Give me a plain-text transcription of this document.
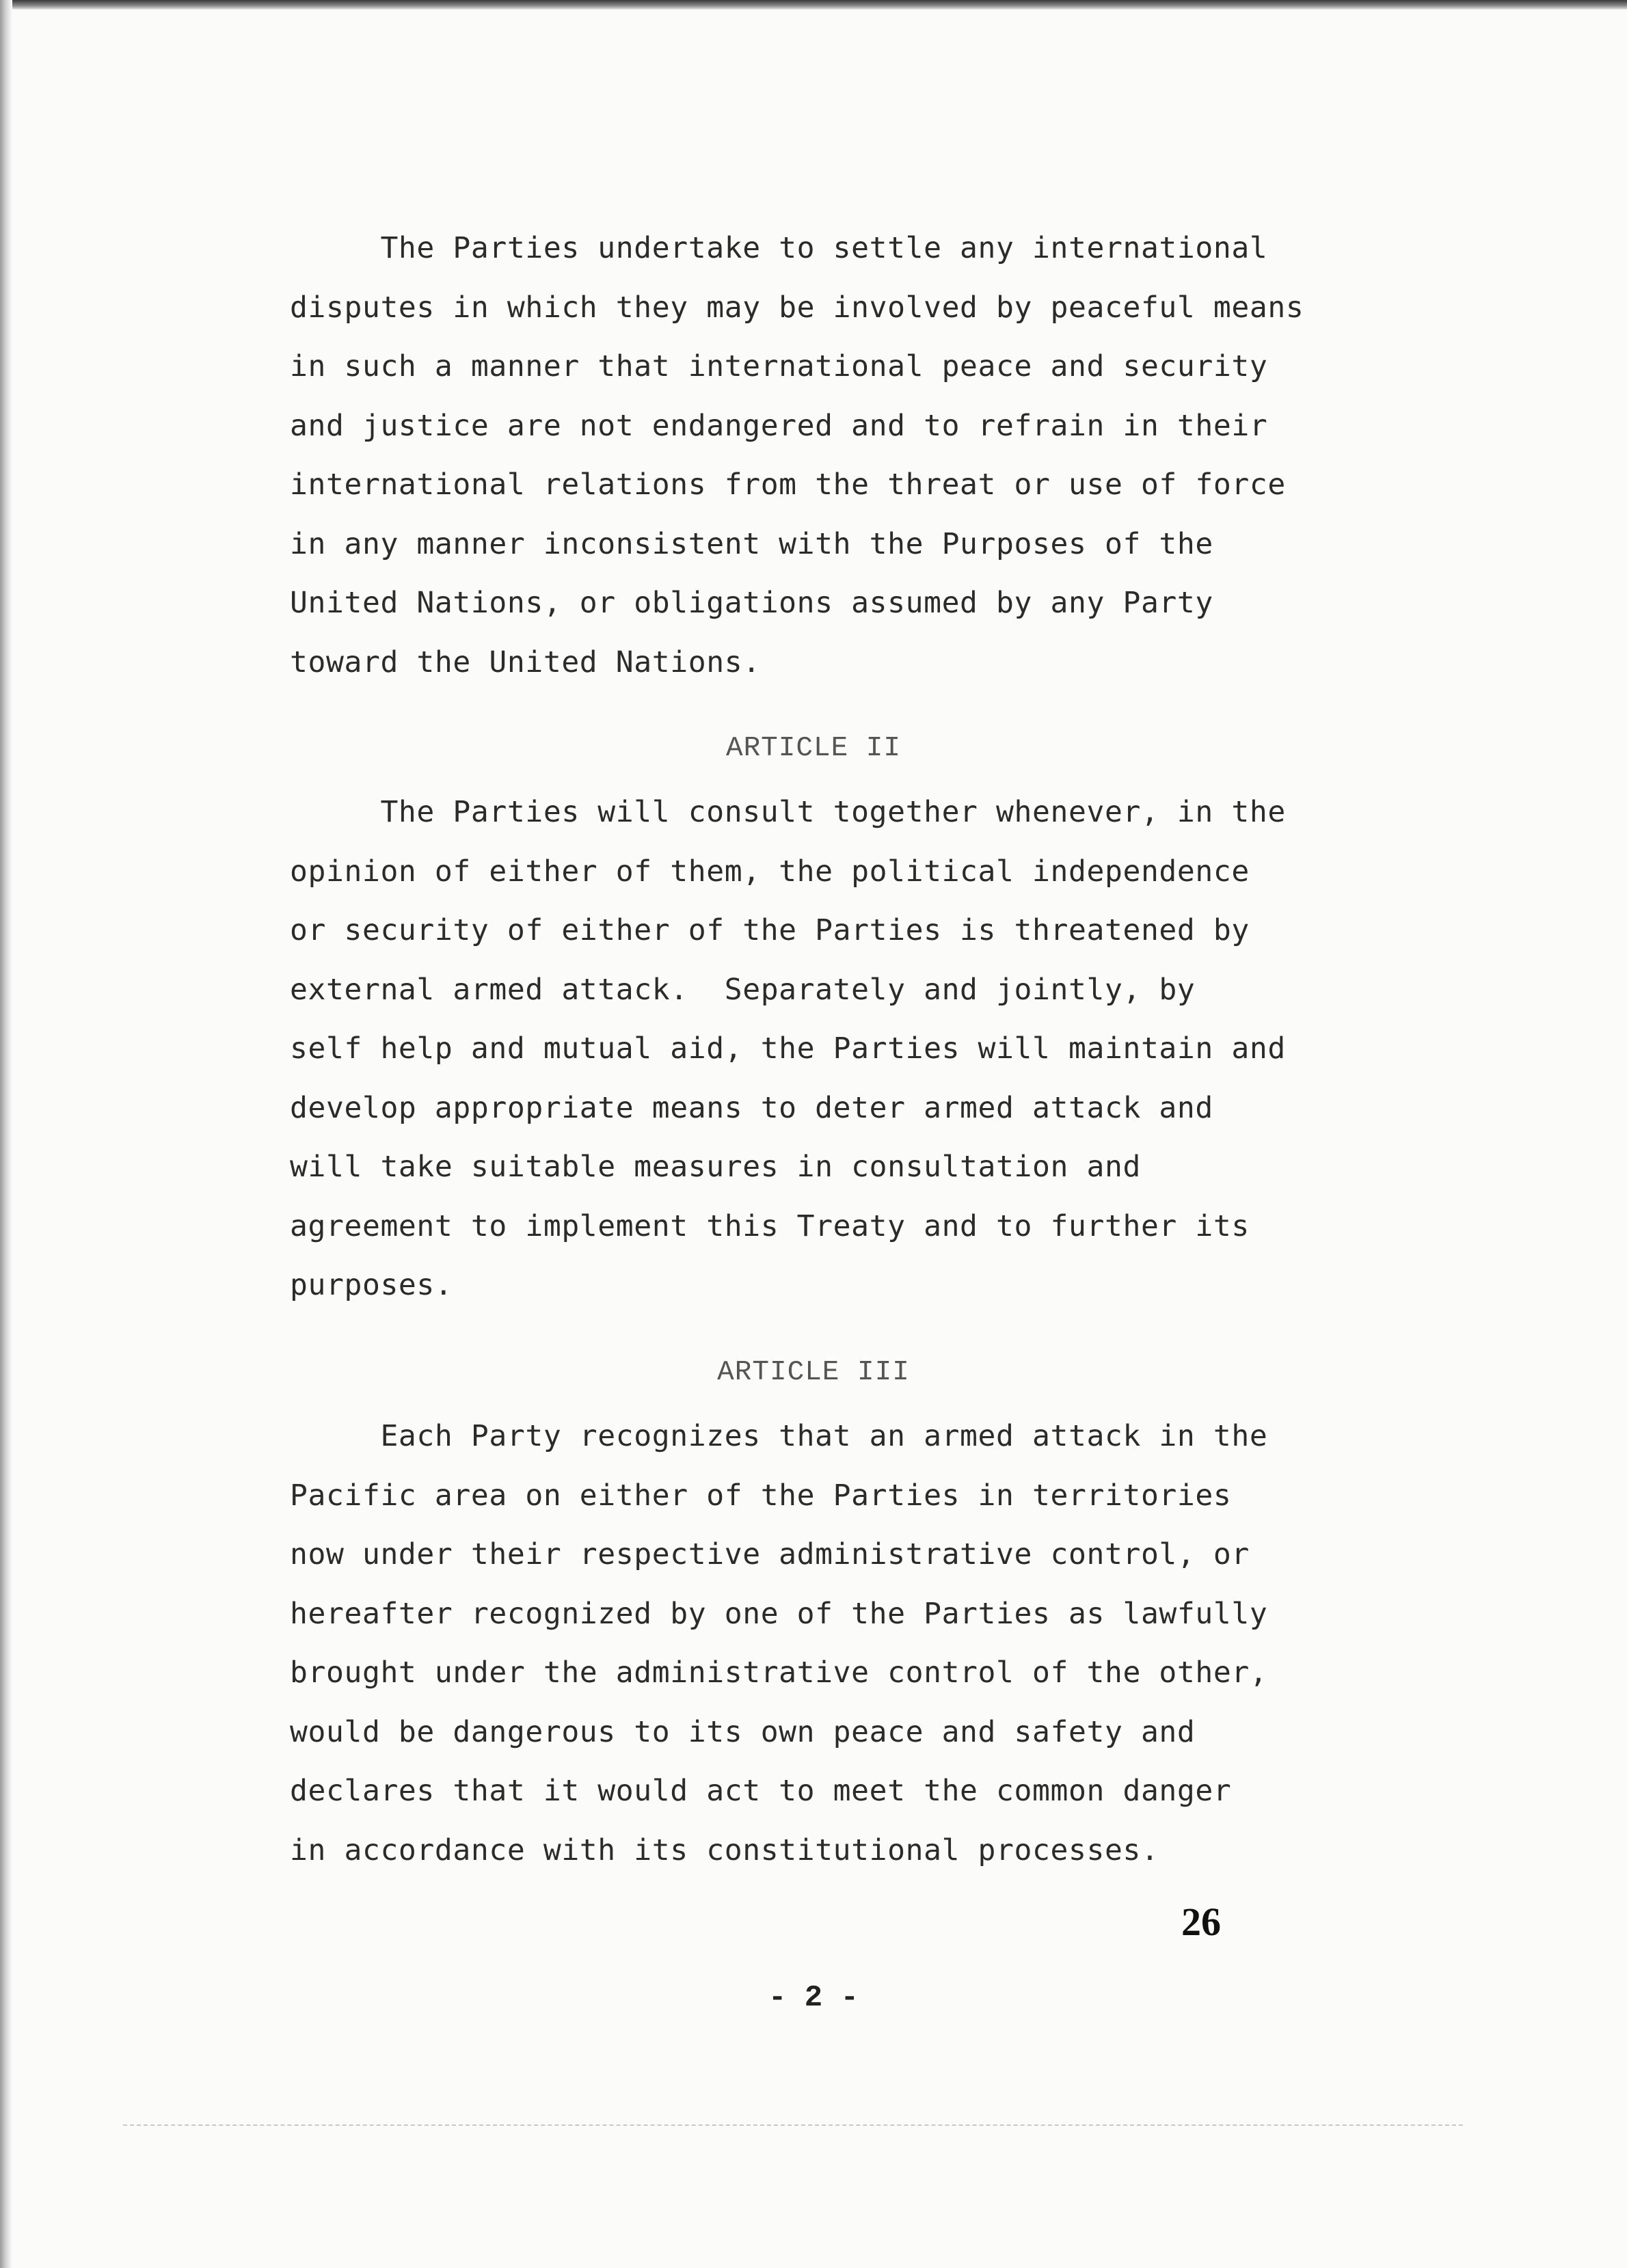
The Parties undertake to settle any international
disputes in which they may be involved by peaceful means
in such a manner that international peace and security
and justice are not endangered and to refrain in their
international relations from the threat or use of force
in any manner inconsistent with the Purposes of the
United Nations, or obligations assumed by any Party
toward the United Nations.
ARTICLE II
The Parties will consult together whenever, in the
opinion of either of them, the political independence
or security of either of the Parties is threatened by
external armed attack.  Separately and jointly, by
self help and mutual aid, the Parties will maintain and
develop appropriate means to deter armed attack and
will take suitable measures in consultation and
agreement to implement this Treaty and to further its
purposes.
ARTICLE III
Each Party recognizes that an armed attack in the
Pacific area on either of the Parties in territories
now under their respective administrative control, or
hereafter recognized by one of the Parties as lawfully
brought under the administrative control of the other,
would be dangerous to its own peace and safety and
declares that it would act to meet the common danger
in accordance with its constitutional processes.
26
- 2 -
